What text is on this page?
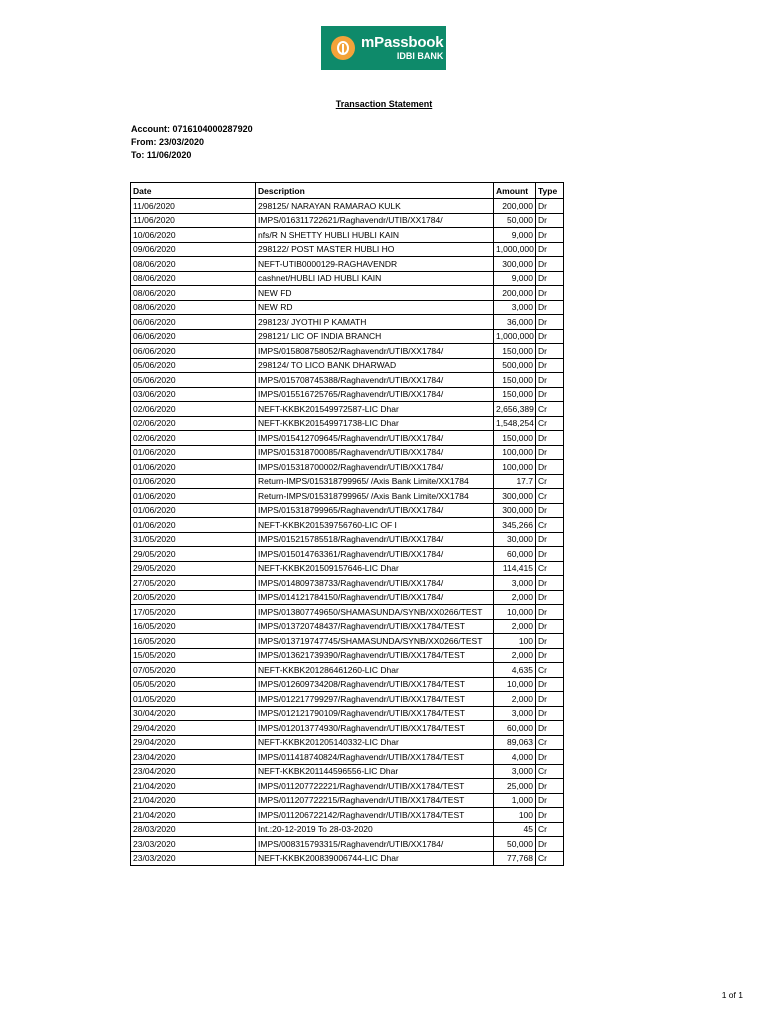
mPassbook
IDBI BANK
Transaction Statement
Account: 0716104000287920
From: 23/03/2020
To: 11/06/2020
Date	Description	Amount	Type
11/06/2020	298125/ NARAYAN RAMARAO KULK	200,000	Dr
11/06/2020	IMPS/016311722621/Raghavendr/UTIB/XX1784/	50,000	Dr
10/06/2020	nfs/R N SHETTY HUBLI HUBLI KAIN	9,000	Dr
09/06/2020	298122/ POST MASTER HUBLI HO	1,000,000	Dr
08/06/2020	NEFT-UTIB0000129-RAGHAVENDR	300,000	Dr
08/06/2020	cashnet/HUBLI IAD HUBLI KAIN	9,000	Dr
08/06/2020	NEW FD	200,000	Dr
08/06/2020	NEW RD	3,000	Dr
06/06/2020	298123/ JYOTHI P KAMATH	36,000	Dr
06/06/2020	298121/ LIC OF INDIA BRANCH	1,000,000	Dr
06/06/2020	IMPS/015808758052/Raghavendr/UTIB/XX1784/	150,000	Dr
05/06/2020	298124/ TO LICO BANK DHARWAD	500,000	Dr
05/06/2020	IMPS/015708745388/Raghavendr/UTIB/XX1784/	150,000	Dr
03/06/2020	IMPS/015516725765/Raghavendr/UTIB/XX1784/	150,000	Dr
02/06/2020	NEFT-KKBK201549972587-LIC Dhar	2,656,389	Cr
02/06/2020	NEFT-KKBK201549971738-LIC Dhar	1,548,254	Cr
02/06/2020	IMPS/015412709645/Raghavendr/UTIB/XX1784/	150,000	Dr
01/06/2020	IMPS/015318700085/Raghavendr/UTIB/XX1784/	100,000	Dr
01/06/2020	IMPS/015318700002/Raghavendr/UTIB/XX1784/	100,000	Dr
01/06/2020	Return-IMPS/015318799965/ /Axis Bank Limite/XX1784	17.7	Cr
01/06/2020	Return-IMPS/015318799965/ /Axis Bank Limite/XX1784	300,000	Cr
01/06/2020	IMPS/015318799965/Raghavendr/UTIB/XX1784/	300,000	Dr
01/06/2020	NEFT-KKBK201539756760-LIC OF I	345,266	Cr
31/05/2020	IMPS/015215785518/Raghavendr/UTIB/XX1784/	30,000	Dr
29/05/2020	IMPS/015014763361/Raghavendr/UTIB/XX1784/	60,000	Dr
29/05/2020	NEFT-KKBK201509157646-LIC Dhar	114,415	Cr
27/05/2020	IMPS/014809738733/Raghavendr/UTIB/XX1784/	3,000	Dr
20/05/2020	IMPS/014121784150/Raghavendr/UTIB/XX1784/	2,000	Dr
17/05/2020	IMPS/013807749650/SHAMASUNDA/SYNB/XX0266/TEST	10,000	Dr
16/05/2020	IMPS/013720748437/Raghavendr/UTIB/XX1784/TEST	2,000	Dr
16/05/2020	IMPS/013719747745/SHAMASUNDA/SYNB/XX0266/TEST	100	Dr
15/05/2020	IMPS/013621739390/Raghavendr/UTIB/XX1784/TEST	2,000	Dr
07/05/2020	NEFT-KKBK201286461260-LIC Dhar	4,635	Cr
05/05/2020	IMPS/012609734208/Raghavendr/UTIB/XX1784/TEST	10,000	Dr
01/05/2020	IMPS/012217799297/Raghavendr/UTIB/XX1784/TEST	2,000	Dr
30/04/2020	IMPS/012121790109/Raghavendr/UTIB/XX1784/TEST	3,000	Dr
29/04/2020	IMPS/012013774930/Raghavendr/UTIB/XX1784/TEST	60,000	Dr
29/04/2020	NEFT-KKBK201205140332-LIC Dhar	89,063	Cr
23/04/2020	IMPS/011418740824/Raghavendr/UTIB/XX1784/TEST	4,000	Dr
23/04/2020	NEFT-KKBK201144596556-LIC Dhar	3,000	Cr
21/04/2020	IMPS/011207722221/Raghavendr/UTIB/XX1784/TEST	25,000	Dr
21/04/2020	IMPS/011207722215/Raghavendr/UTIB/XX1784/TEST	1,000	Dr
21/04/2020	IMPS/011206722142/Raghavendr/UTIB/XX1784/TEST	100	Dr
28/03/2020	Int.:20-12-2019 To 28-03-2020	45	Cr
23/03/2020	IMPS/008315793315/Raghavendr/UTIB/XX1784/	50,000	Dr
23/03/2020	NEFT-KKBK200839006744-LIC Dhar	77,768	Cr
1 of 1
